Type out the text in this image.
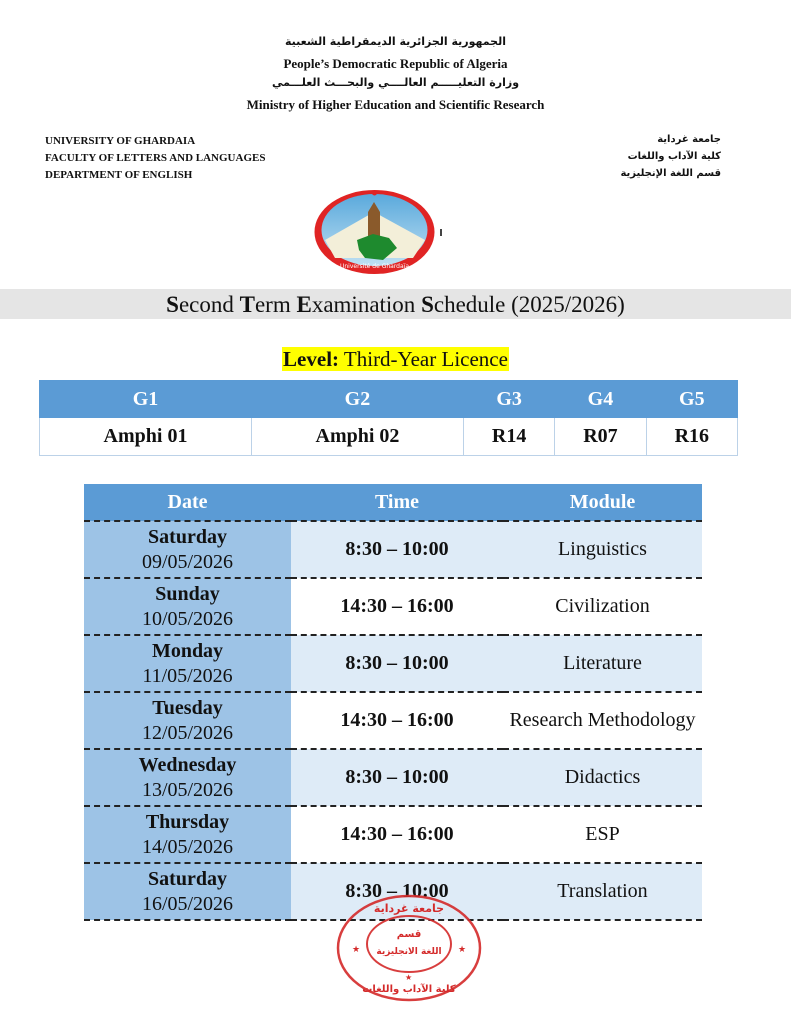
الجمهورية الجزائرية الديمقراطية الشعبية
People’s Democratic Republic of Algeria
وزارة التعليـــــم العالــــي والبحـــث العلـــمي
Ministry of Higher Education and Scientific Research
UNIVERSITY OF GHARDAIA
FACULTY OF LETTERS AND LANGUAGES
DEPARTMENT OF ENGLISH
جامعة غرداية
كلية الآداب واللغات
قسم اللغة الإنجليزية
Université de Ghardaïa
Second Term Examination Schedule (2025/2026)
Level: Third-Year Licence
G1	G2	G3	G4	G5
Amphi 01	Amphi 02	R14	R07	R16
Date	Time	Module

Saturday
09/05/2026	8:30 – 10:00	Linguistics

Sunday
10/05/2026	14:30 – 16:00	Civilization

Monday
11/05/2026	8:30 – 10:00	Literature

Tuesday
12/05/2026	14:30 – 16:00	Research Methodology

Wednesday
13/05/2026	8:30 – 10:00	Didactics

Thursday
14/05/2026	14:30 – 16:00	ESP

Saturday
16/05/2026	8:30 – 10:00	Translation
جامعة غرداية
قسم
اللغة الانجليزية
كلية الآداب واللغات
★	★
★
